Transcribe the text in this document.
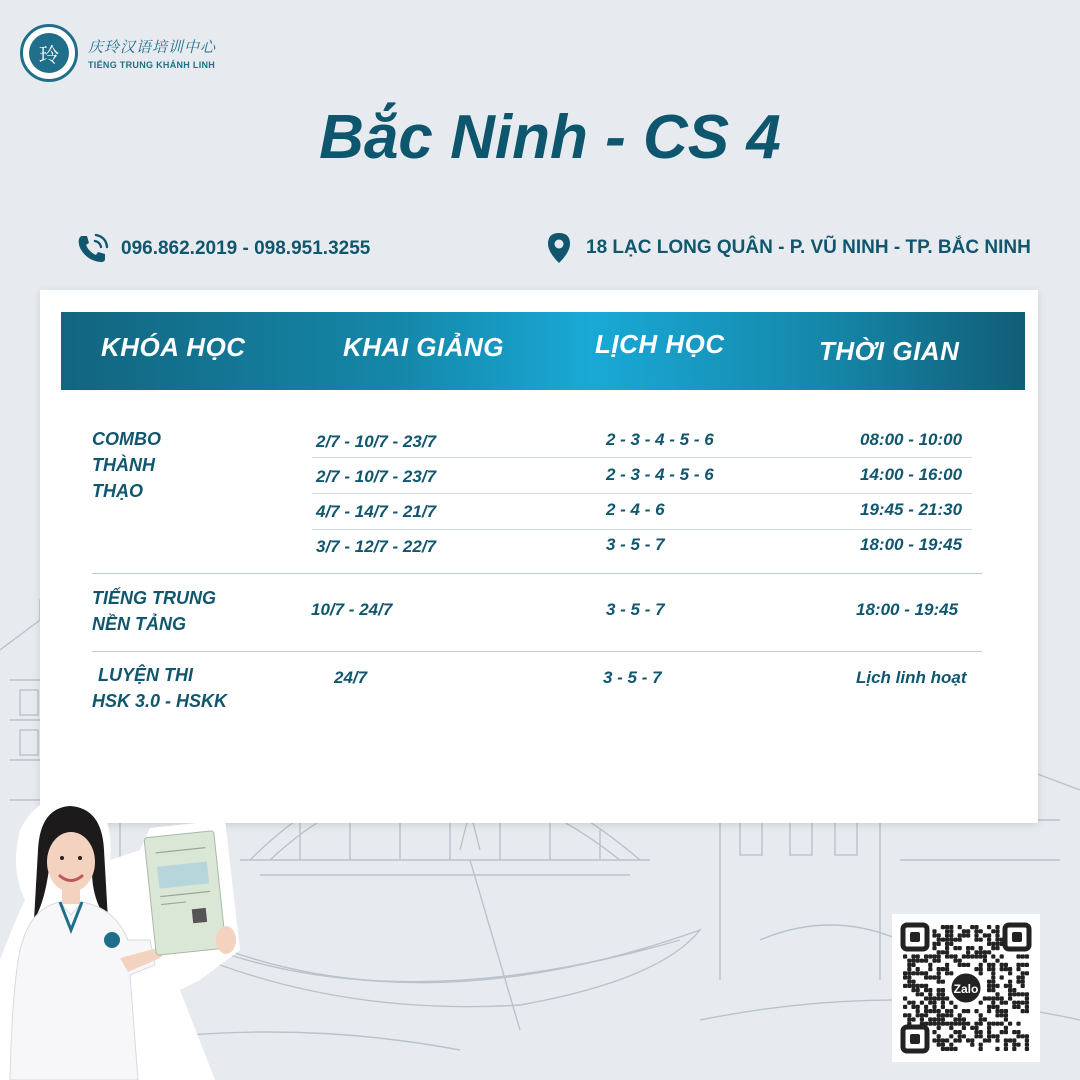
玲	庆玲汉语培训中心
TIẾNG TRUNG KHÁNH LINH
Bắc Ninh - CS 4
096.862.2019 - 098.951.3255	18 LẠC LONG QUÂN - P. VŨ NINH - TP. BẮC NINH
KHÓA HỌC	KHAI GIẢNG	LỊCH HỌC	THỜI GIAN
COMBO
THÀNH
THẠO
2/7 - 10/7 - 23/7	2 - 3 - 4 - 5 - 6	08:00 - 10:00
2/7 - 10/7 - 23/7	2 - 3 - 4 - 5 - 6	14:00 - 16:00
4/7 - 14/7 - 21/7	2 - 4 - 6	19:45 - 21:30
3/7 - 12/7 - 22/7	3 - 5 - 7	18:00 - 19:45
TIẾNG TRUNG
NỀN TẢNG
10/7 - 24/7	3 - 5 - 7	18:00 - 19:45
LUYỆN THI
HSK 3.0 - HSKK
24/7	3 - 5 - 7	Lịch linh hoạt
Zalo
